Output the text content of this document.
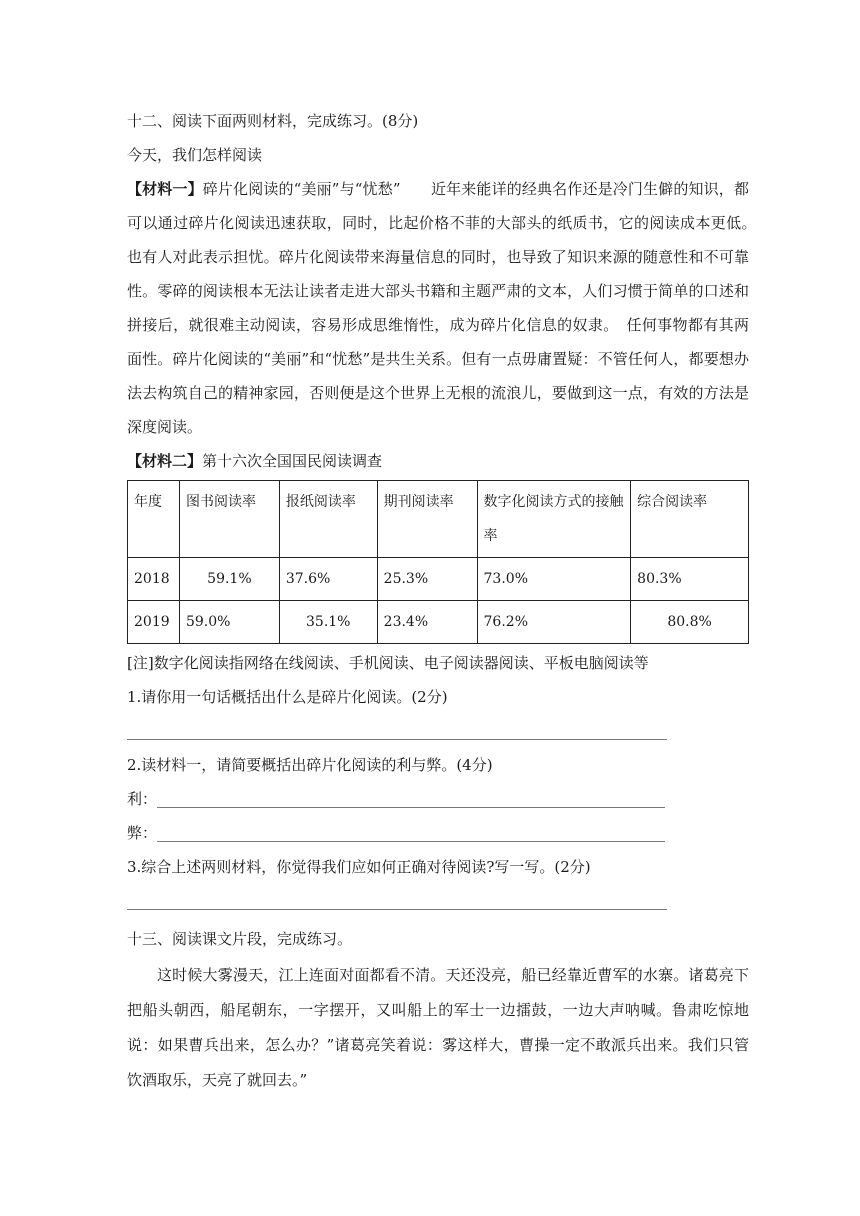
十二、阅读下面两则材料，完成练习。(8分)
今天，我们怎样阅读
【材料一】碎片化阅读的“美丽”与“忧愁”　　 近年来能详的经典名作还是冷门生僻的知识，都可以通过碎片化阅读迅速获取，同时，比起价格不菲的大部头的纸质书，它的阅读成本更低。　也有人对此表示担忧。碎片化阅读带来海量信息的同时，也导致了知识来源的随意性和不可靠性。零碎的阅读根本无法让读者走进大部头书籍和主题严肃的文本，人们习惯于简单的口述和拼接后，就很难主动阅读，容易形成思维惰性，成为碎片化信息的奴隶。　任何事物都有其两面性。碎片化阅读的“美丽”和“忧愁”是共生关系。但有一点毋庸置疑：不管任何人，都要想办法去构筑自己的精神家园，否则便是这个世界上无根的流浪儿，要做到这一点，有效的方法是深度阅读。
【材料二】第十六次全国国民阅读调查
年度	图书阅读率	报纸阅读率	期刊阅读率	数字化阅读方式的接触率	综合阅读率
2018	59.1%	37.6%	25.3%	73.0%	80.3%
2019	59.0%	35.1%	23.4%	76.2%	80.8%
[注]数字化阅读指网络在线阅读、手机阅读、电子阅读器阅读、平板电脑阅读等
1.请你用一句话概括出什么是碎片化阅读。(2分)
2.读材料一，请简要概括出碎片化阅读的利与弊。(4分)
利：
弊：
3.综合上述两则材料，你觉得我们应如何正确对待阅读?写一写。(2分)
十三、阅读课文片段，完成练习。
这时候大雾漫天，江上连面对面都看不清。天还没亮，船已经靠近曹军的水寨。诸葛亮下把船头朝西，船尾朝东，一字摆开，又叫船上的军士一边擂鼓，一边大声呐喊。鲁肃吃惊地说：如果曹兵出来，怎么办？”诸葛亮笑着说：雾这样大，曹操一定不敢派兵出来。我们只管饮酒取乐，天亮了就回去。”
